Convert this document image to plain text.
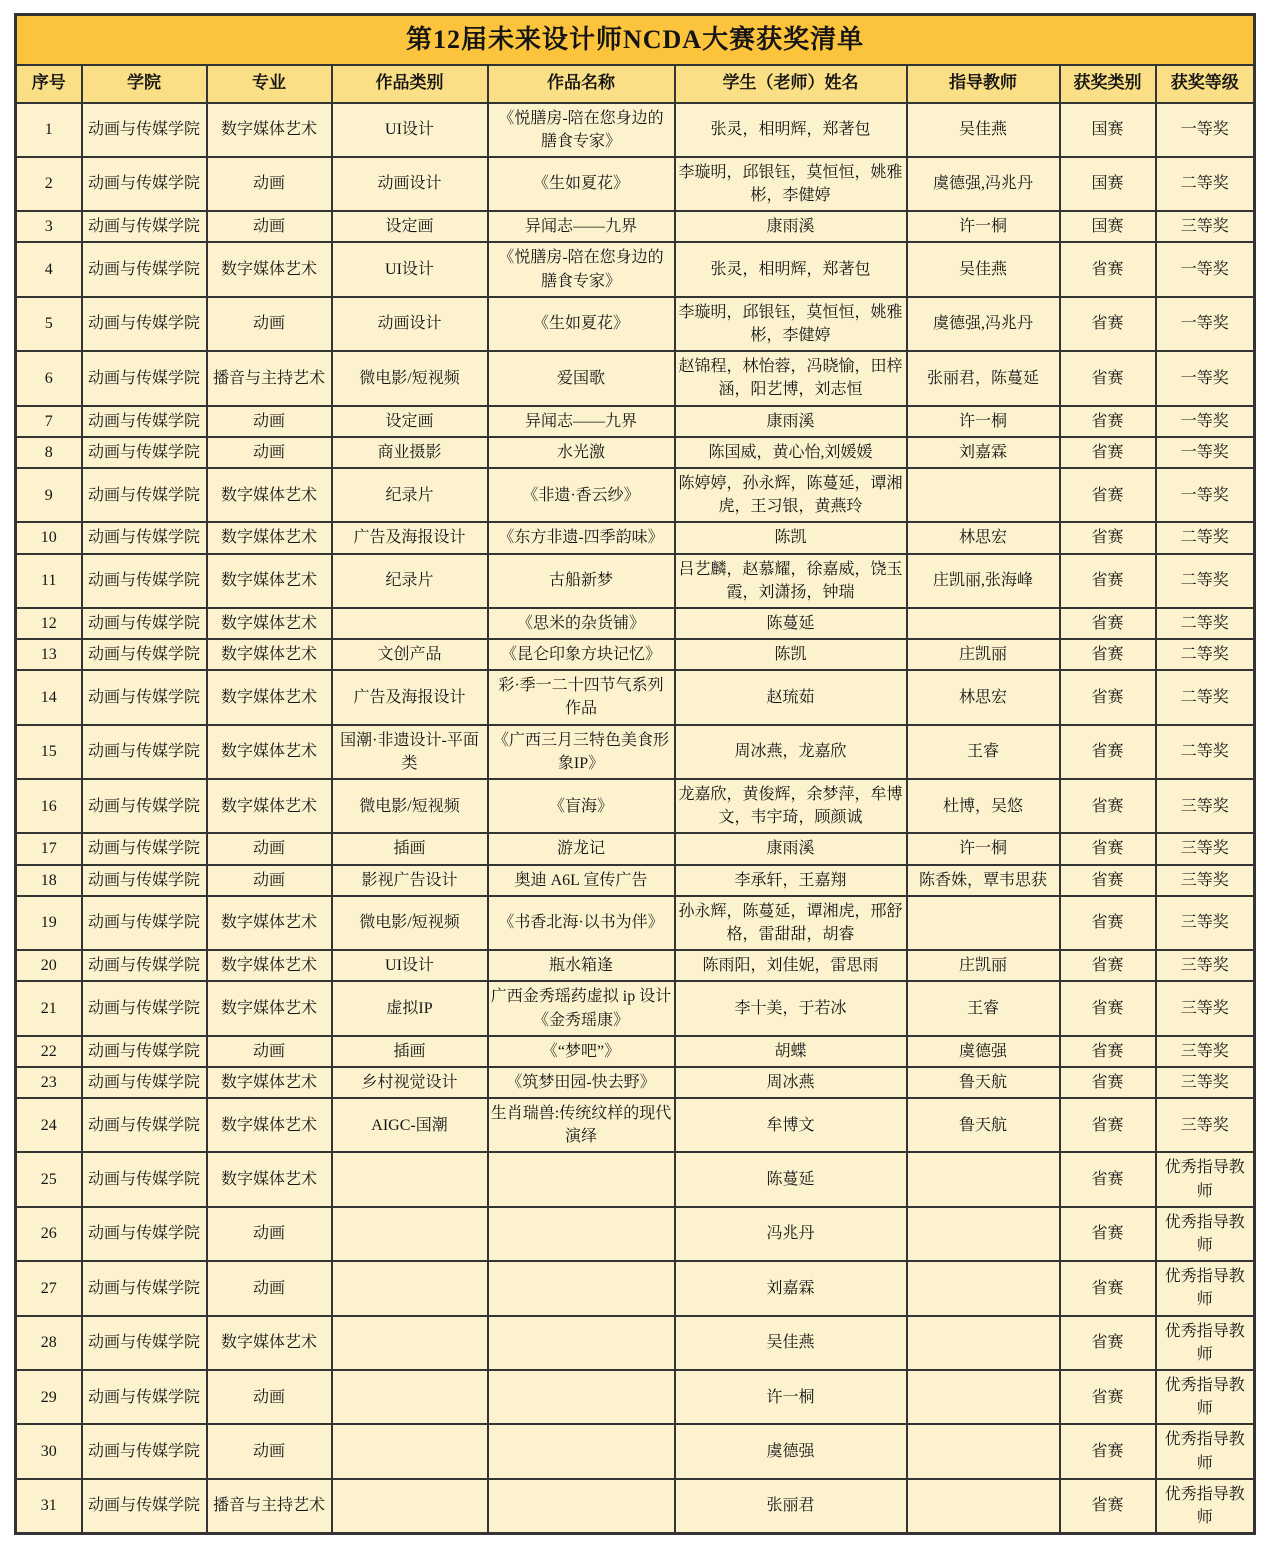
第12届未来设计师NCDA大赛获奖清单								
序号	学院	专业	作品类别	作品名称	学生（老师）姓名	指导教师	获奖类别	获奖等级
1	动画与传媒学院	数字媒体艺术	UI设计	《悦膳房-陪在您身边的膳食专家》	张灵，相明辉，郑著包	吴佳燕	国赛	一等奖
2	动画与传媒学院	动画	动画设计	《生如夏花》	李璇明，邱银钰，莫恒恒，姚雅彬，李健婷	虞德强,冯兆丹	国赛	二等奖
3	动画与传媒学院	动画	设定画	异闻志——九界	康雨溪	许一桐	国赛	三等奖
4	动画与传媒学院	数字媒体艺术	UI设计	《悦膳房-陪在您身边的膳食专家》	张灵，相明辉，郑著包	吴佳燕	省赛	一等奖
5	动画与传媒学院	动画	动画设计	《生如夏花》	李璇明，邱银钰，莫恒恒，姚雅彬，李健婷	虞德强,冯兆丹	省赛	一等奖
6	动画与传媒学院	播音与主持艺术	微电影/短视频	爱国歌	赵锦程，林怡蓉，冯晓愉，田梓涵，阳艺博，刘志恒	张丽君，陈蔓延	省赛	一等奖
7	动画与传媒学院	动画	设定画	异闻志——九界	康雨溪	许一桐	省赛	一等奖
8	动画与传媒学院	动画	商业摄影	水光激	陈国威，黄心怡,刘媛媛	刘嘉霖	省赛	一等奖
9	动画与传媒学院	数字媒体艺术	纪录片	《非遗·香云纱》	陈婷婷，孙永辉，陈蔓延，谭湘虎，王习银，黄燕玲		省赛	一等奖
10	动画与传媒学院	数字媒体艺术	广告及海报设计	《东方非遗-四季韵味》	陈凯	林思宏	省赛	二等奖
11	动画与传媒学院	数字媒体艺术	纪录片	古船新梦	吕艺麟，赵慕耀，徐嘉威，饶玉霞，刘潇扬，钟瑞	庄凯丽,张海峰	省赛	二等奖
12	动画与传媒学院	数字媒体艺术		《思米的杂货铺》	陈蔓延		省赛	二等奖
13	动画与传媒学院	数字媒体艺术	文创产品	《昆仑印象方块记忆》	陈凯	庄凯丽	省赛	二等奖
14	动画与传媒学院	数字媒体艺术	广告及海报设计	彩·季一二十四节气系列作品	赵琉茹	林思宏	省赛	二等奖
15	动画与传媒学院	数字媒体艺术	国潮·非遗设计-平面类	《广西三月三特色美食形象IP》	周冰燕，龙嘉欣	王睿	省赛	二等奖
16	动画与传媒学院	数字媒体艺术	微电影/短视频	《盲海》	龙嘉欣，黄俊辉，余梦萍，牟博文，韦宇琦，顾颜诚	杜博，吴悠	省赛	三等奖
17	动画与传媒学院	动画	插画	游龙记	康雨溪	许一桐	省赛	三等奖
18	动画与传媒学院	动画	影视广告设计	奥迪 A6L 宣传广告	李承轩，王嘉翔	陈香姝，覃韦思获	省赛	三等奖
19	动画与传媒学院	数字媒体艺术	微电影/短视频	《书香北海·以书为伴》	孙永辉，陈蔓延，谭湘虎，邢舒格，雷甜甜，胡睿		省赛	三等奖
20	动画与传媒学院	数字媒体艺术	UI设计	瓶水箱逢	陈雨阳，刘佳妮，雷思雨	庄凯丽	省赛	三等奖
21	动画与传媒学院	数字媒体艺术	虚拟IP	广西金秀瑶药虚拟 ip 设计《金秀瑶康》	李十美，于若冰	王睿	省赛	三等奖
22	动画与传媒学院	动画	插画	《“梦吧”》	胡蝶	虞德强	省赛	三等奖
23	动画与传媒学院	数字媒体艺术	乡村视觉设计	《筑梦田园-快去野》	周冰燕	鲁天航	省赛	三等奖
24	动画与传媒学院	数字媒体艺术	AIGC-国潮	生肖瑞兽:传统纹样的现代演绎	牟博文	鲁天航	省赛	三等奖
25	动画与传媒学院	数字媒体艺术			陈蔓延		省赛	优秀指导教师
26	动画与传媒学院	动画			冯兆丹		省赛	优秀指导教师
27	动画与传媒学院	动画			刘嘉霖		省赛	优秀指导教师
28	动画与传媒学院	数字媒体艺术			吴佳燕		省赛	优秀指导教师
29	动画与传媒学院	动画			许一桐		省赛	优秀指导教师
30	动画与传媒学院	动画			虞德强		省赛	优秀指导教师
31	动画与传媒学院	播音与主持艺术			张丽君		省赛	优秀指导教师
